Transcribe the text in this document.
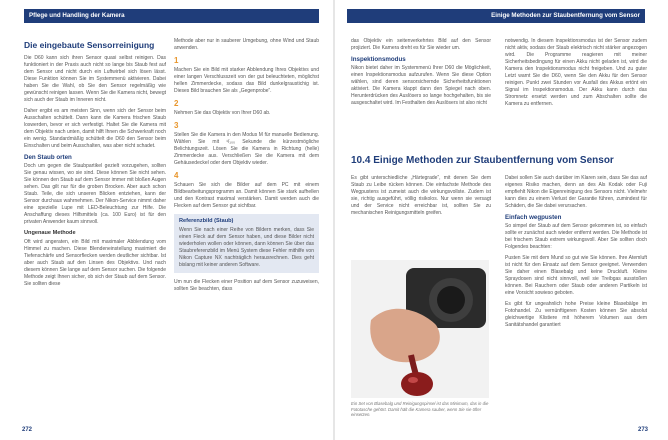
Pflege und Handling der Kamera
Die eingebaute Sensorreinigung

Die D60 kann sich ihren Sensor quasi selbst reinigen. Das funktioniert in der Praxis auch nicht so lange bis Staub fest auf dem Sensor und nicht durch ein Luftwirbel sich lösen lässt. Diese Funktion können Sie im Systemmenü aktivieren. Dabei haben Sie die Wahl, ob Sie den Sensor regelmäßig wie gewünscht reinigen lassen. Wenn Sie die Kamera nicht, bewegt sich auch der Staub im Inneren nicht.

Daher ergibt es am meisten Sinn, wenn sich der Sensor beim Ausschalten schüttelt. Dann kann die Kamera frischen Staub loswerden, bevor er sich verfestigt. Haltet Sie die Kamera mit dem Objektiv nach unten, damit hilft Ihnen die Schwerkraft noch ein wenig. Standardmäßig schüttelt die D60 den Sensor beim Einschalten und beim Ausschalten, was aber nicht schadet.

Den Staub orten

Doch um gegen die Staubpartikel gezielt vorzugehen, sollten Sie genau wissen, wo sie sind. Diese können Sie nicht sehen. Sie können den Staub auf dem Sensor immer mit bloßen Augen sehen. Das gilt nur für die groben Brocken. Aber auch schon Staub. Teile, die sich unseren Blicken entziehen, kann der Sensor durchaus wahrnehmen. Der Nikon-Service nimmt daher eine spezielle Lupe mit LED-Beleuchtung zur Hilfe. Die Anschaffung dieses Hilfsmittels (ca. 100 Euro) ist für den privaten Anwender kaum sinnvoll.

Ungenaue Methode

Oft wird angeraten, ein Bild mit maximaler Abblendung vom Himmel zu machen. Diese Blendeneinstellung maximiert die Tiefenschärfe und Sensorflecken werden deutlicher sichtbar. Ist aber auch Staub auf den Linsen des Objektivs. Und nach diesem können Sie lange auf dem Sensor suchen. Die folgende Methode zeigt Ihnen sicher, ob sich der Staub auf dem Sensor. Sie sollten diese

Methode aber nur in sauberer Umgebung, ohne Wind und Staub anwenden.

1

Machen Sie ein Bild mit starker Abblendung Ihres Objektivs und einer langen Verschlusszeit von der gut beleuchteten, möglichst hellen Zimmerdecke, sodass das Bild dunkelgraustichig ist. Dieses Bild brauchen Sie als „Gegenprobe“.

2

Nehmen Sie das Objektiv von Ihrer D60 ab.

3

Stellen Sie die Kamera in den Modus M für manuelle Bedienung. Wählen Sie mit ¹/₁₀₀ Sekunde die kürzestmögliche Belichtungszeit. Lösen Sie die Kamera in Richtung (helle) Zimmerdecke aus. Verschließen Sie die Kamera mit dem Gehäusedeckel oder dem Objektiv wieder.

4

Schauen Sie sich die Bilder auf dem PC mit einem Bildbearbeitungsprogramm an. Damit können Sie stark aufhellen und den Kontrast maximal verstärken. Damit werden auch die Flecken auf dem Sensor gut sichtbar.

Referenzbild (Staub)
Wenn Sie nach einer Reihe von Bildern merken, dass Sie einen Fleck auf dem Sensor haben, und diese Bilder nicht wiederholen wollen oder können, dann können Sie über das Staubreferenzbild im Menü System diese Fehler mithilfe von Nikon Capture NX nachträglich herausrechnen. Dies geht bislang mit keiner anderen Software.

Um nun die Flecken einer Position auf dem Sensor zuzuweisen, sollten Sie beachten, dass

272
Einige Methoden zur Staubentfernung vom Sensor

das Objektiv ein seitenverkehrtes Bild auf den Sensor projiziert. Die Kamera dreht es für Sie wieder um.

Inspektionsmodus

Nikon bietet daher im Systemmenü Ihrer D60 die Möglichkeit, einen Inspektionsmodus aufzurufen. Wenn Sie diese Option wählen, sind deren sensorsichernde Sicherheitsfunktionen aktiviert. Die Kamera klappt dann den Spiegel nach oben. Herunterdrücken des Auslösers so lange hochgehalten, bis sie ausgeschaltet wird. Im Festhalten des Auslösers ist also nicht

10.4 Einige Methoden zur Staubentfernung vom Sensor

Es gibt unterschiedliche „Härtegrade“, mit denen Sie dem Staub zu Leibe rücken können. Die einfachste Methode des Wegpustens ist zumeist auch die wirkungsvollste. Zudem ist sie, richtig ausgeführt, völlig risikolos. Nur wenn sie versagt und der Service nicht erreichbar ist, sollten Sie zu mechanischen Reinigungsmitteln greifen.

Ein Set von Blasebalg und Reinigungspinsel ist das Minimum, das in die Fototasche gehört. Damit hält die Kamera sauber, wenn Sie sie öfter einsetzen.

notwendig. In diesem Inspektionsmodus ist der Sensor zudem nicht aktiv, sodass der Staub elektrisch nicht stärker angezogen wird. Die Programme reagieren mit meiner Sicherheitsbedingung für einen Akku nicht geladen ist, wird die Kamera den Inspektionsmodus nicht freigeben. Und zu guter Letzt warnt Sie die D60, wenn Sie den Akku für den Sensor reinigen. Punkt zwei Stunden vor Ausfall des Akkus ertönt ein Signal im Inspektionsmodus. Der Akku kann durch das Stromnetz ersetzt werden und zum Abschalten sollte die Kamera zu entfernen.

Dabei sollen Sie auch darüber im Klaren sein, dass Sie das auf eigenes Risiko machen, denn an des Als Kodak oder Fuji empfiehlt Nikon die Eigenreinigung des Sensors nicht. Vielmehr kann dies zu einem Verlust der Garantie führen, zumindest für Schäden, die Sie dabei verursachen.

Einfach wegpusten

So simpel der Staub auf dem Sensor gekommen ist, so einfach sollte er zunächst auch wieder entfernt werden. Die Methode ist bei frischem Staub extrem wirkungsvoll. Aber Sie sollten doch Folgendes beachten:

Pusten Sie mit dem Mund so gut wie Sie können. Ihre Atemluft ist nicht für den Einsatz auf dem Sensor geeignet. Verwenden Sie daher einen Blasebalg und keine Druckluft. Kleine Spraydosen sind nicht sinnvoll, weil sie Treibgas ausstoßen können. Bei Rauchern oder Staub oder anderen Partikeln ist eine Vorsicht sowieso geboten.

Es gibt für ungeahnlich hohe Preise kleine Blasebälge im Fotohandel. Zu vernünftigeren Kosten können Sie absolut gleichwertige Klistiere mit höherem Volumen aus dem Sanitätshandel garantiert

273
